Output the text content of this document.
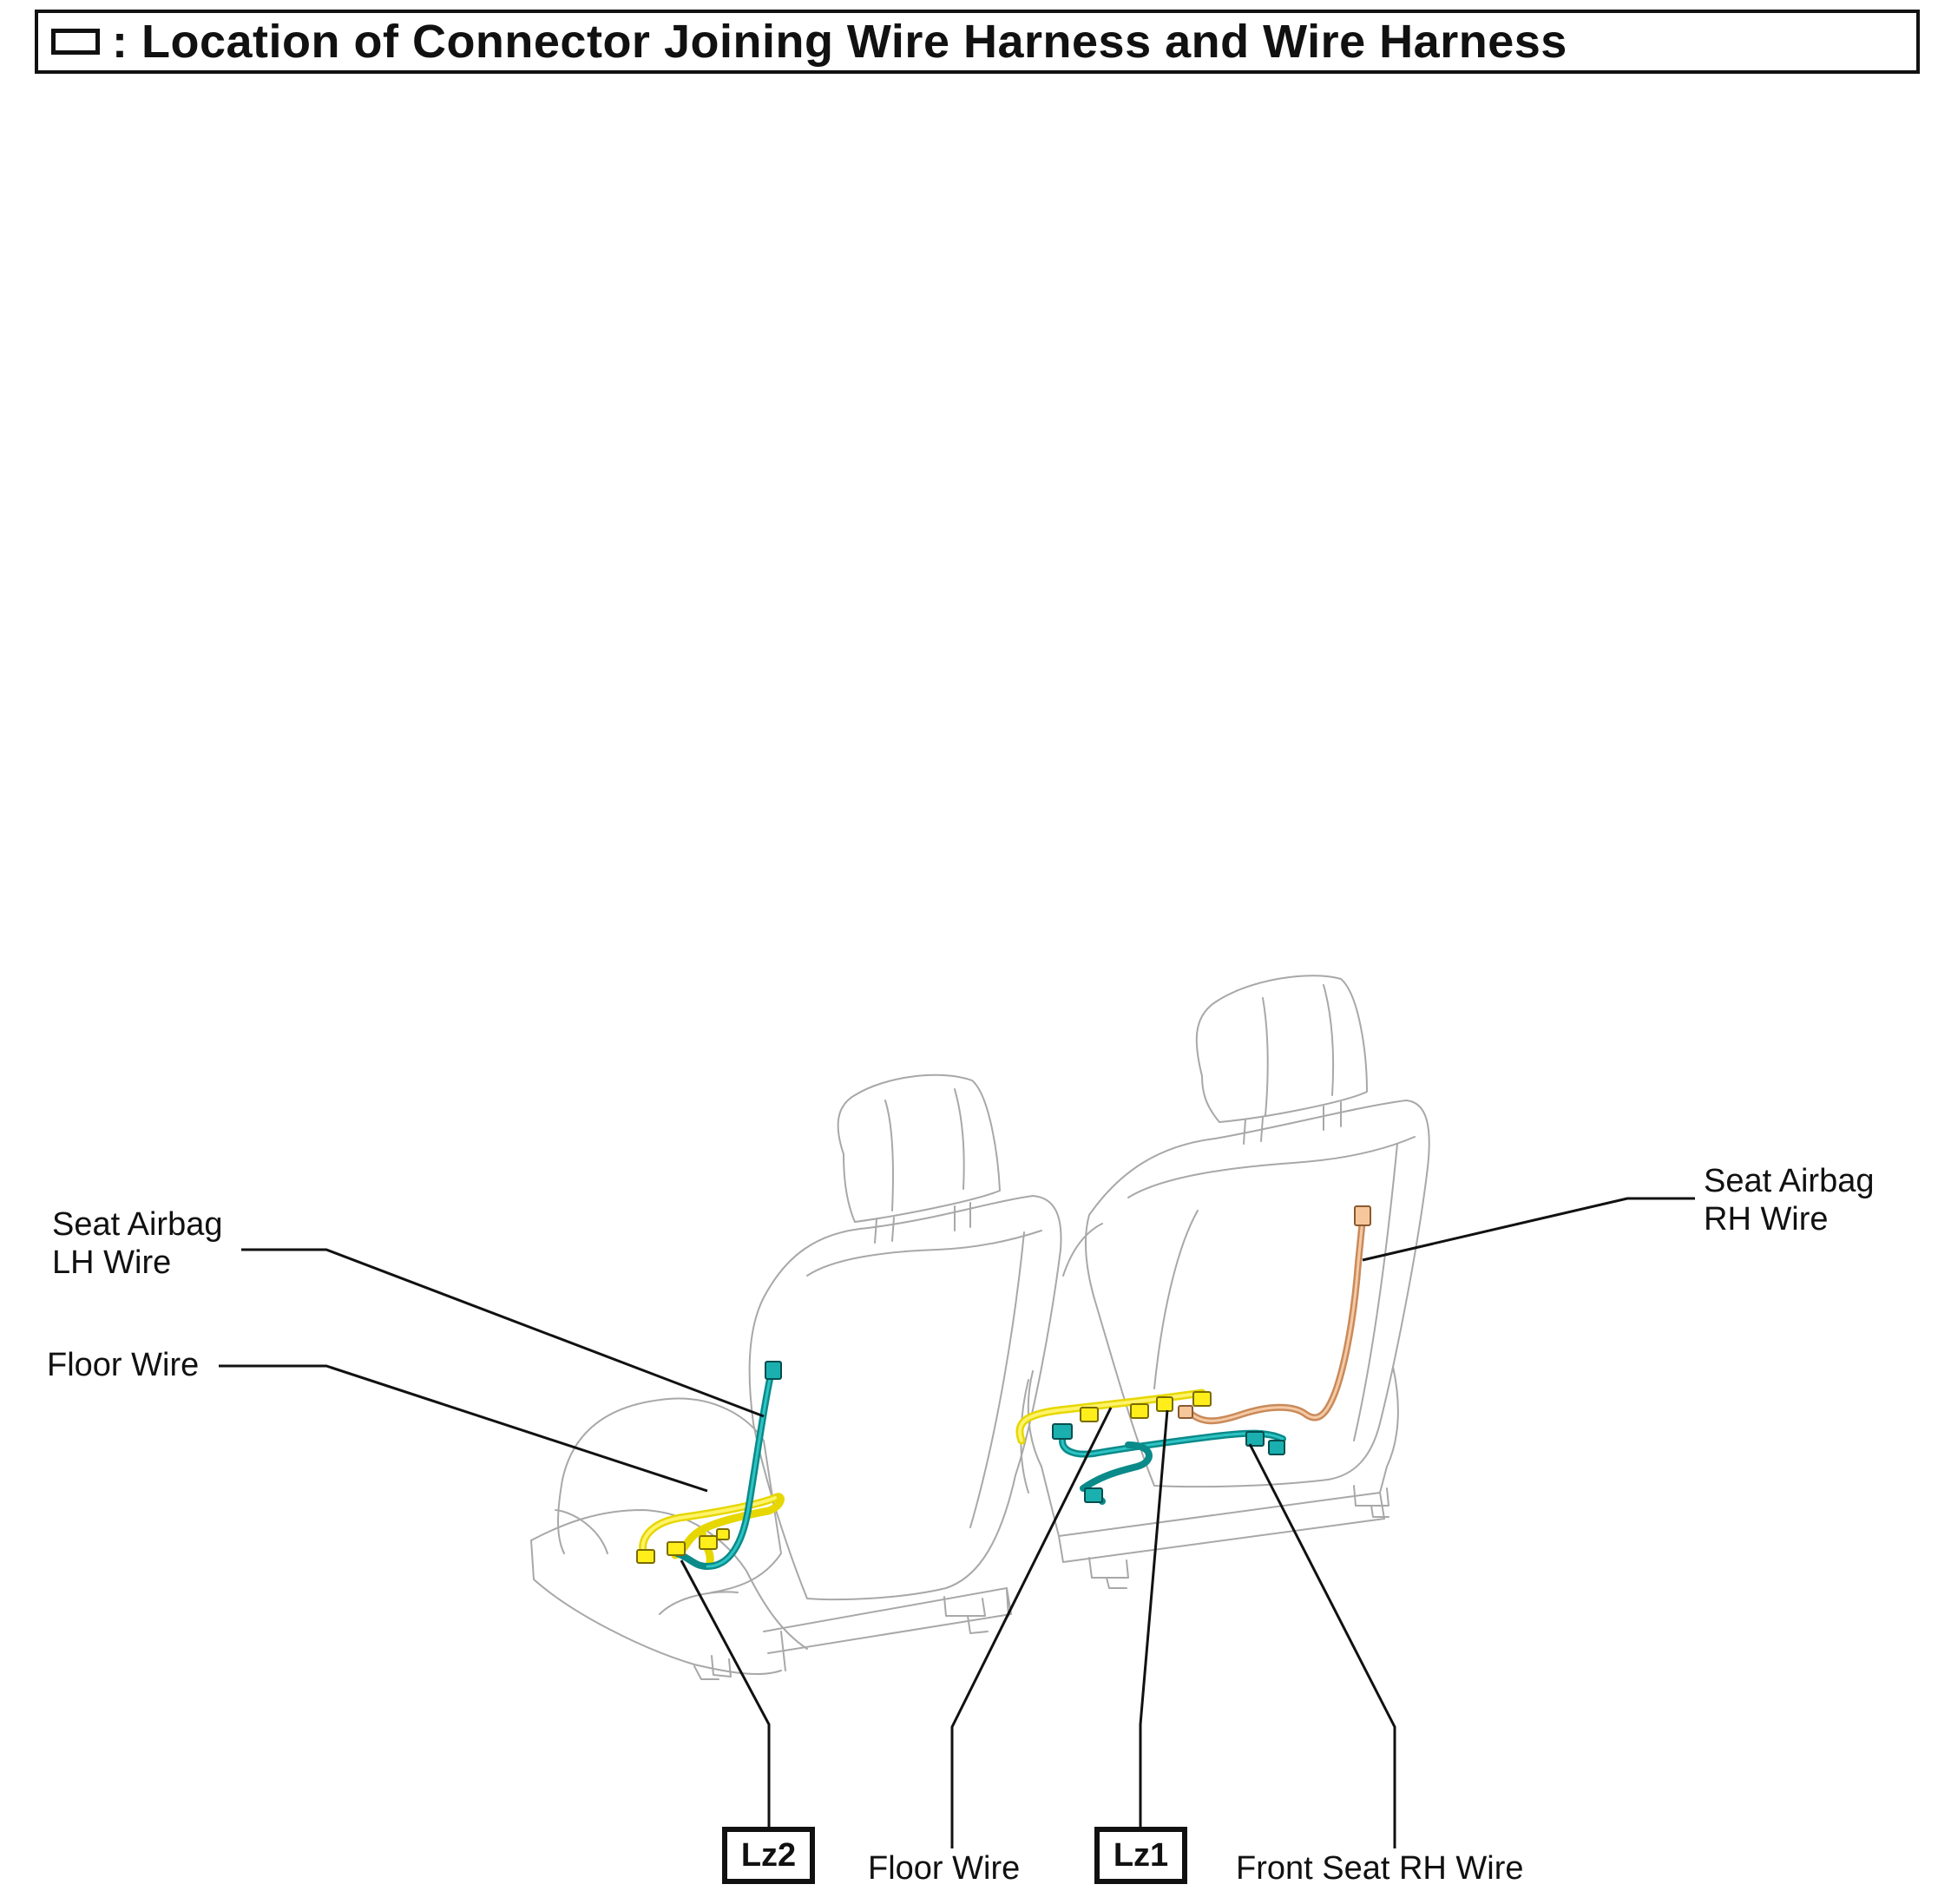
: Location of Connector Joining Wire Harness and Wire Harness
Seat Airbag
LH Wire
Floor Wire
Seat Airbag
RH Wire
Floor Wire	Front Seat RH Wire
Lz2	Lz1
